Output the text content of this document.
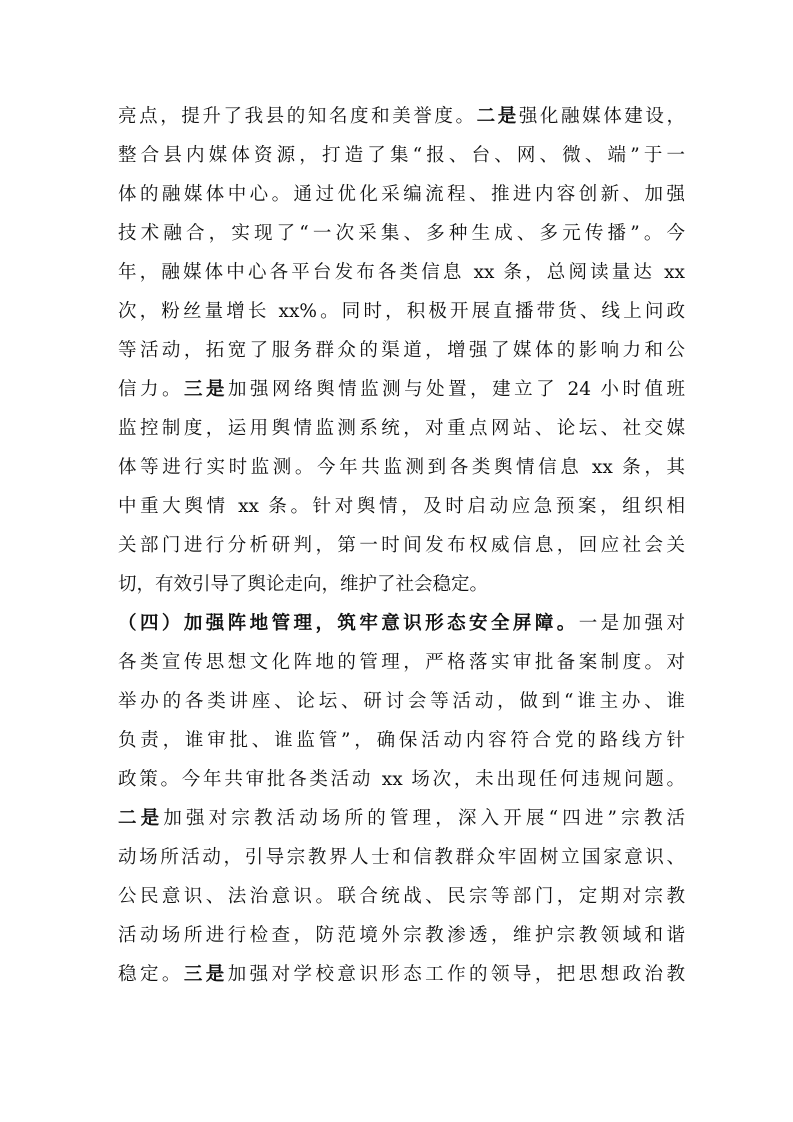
亮点，提升了我县的知名度和美誉度。二是强化融媒体建设，
整合县内媒体资源，打造了集“报、台、网、微、端”于一
体的融媒体中心。通过优化采编流程、推进内容创新、加强
技术融合，实现了“一次采集、多种生成、多元传播”。今
年，融媒体中心各平台发布各类信息 xx 条，总阅读量达 xx
次，粉丝量增长 xx%。同时，积极开展直播带货、线上问政
等活动，拓宽了服务群众的渠道，增强了媒体的影响力和公
信力。三是加强网络舆情监测与处置，建立了 24 小时值班
监控制度，运用舆情监测系统，对重点网站、论坛、社交媒
体等进行实时监测。今年共监测到各类舆情信息 xx 条，其
中重大舆情 xx 条。针对舆情，及时启动应急预案，组织相
关部门进行分析研判，第一时间发布权威信息，回应社会关
切，有效引导了舆论走向，维护了社会稳定。
（四）加强阵地管理，筑牢意识形态安全屏障。一是加强对
各类宣传思想文化阵地的管理，严格落实审批备案制度。对
举办的各类讲座、论坛、研讨会等活动，做到“谁主办、谁
负责，谁审批、谁监管”，确保活动内容符合党的路线方针
政策。今年共审批各类活动 xx 场次，未出现任何违规问题。
二是加强对宗教活动场所的管理，深入开展“四进”宗教活
动场所活动，引导宗教界人士和信教群众牢固树立国家意识、
公民意识、法治意识。联合统战、民宗等部门，定期对宗教
活动场所进行检查，防范境外宗教渗透，维护宗教领域和谐
稳定。三是加强对学校意识形态工作的领导，把思想政治教
